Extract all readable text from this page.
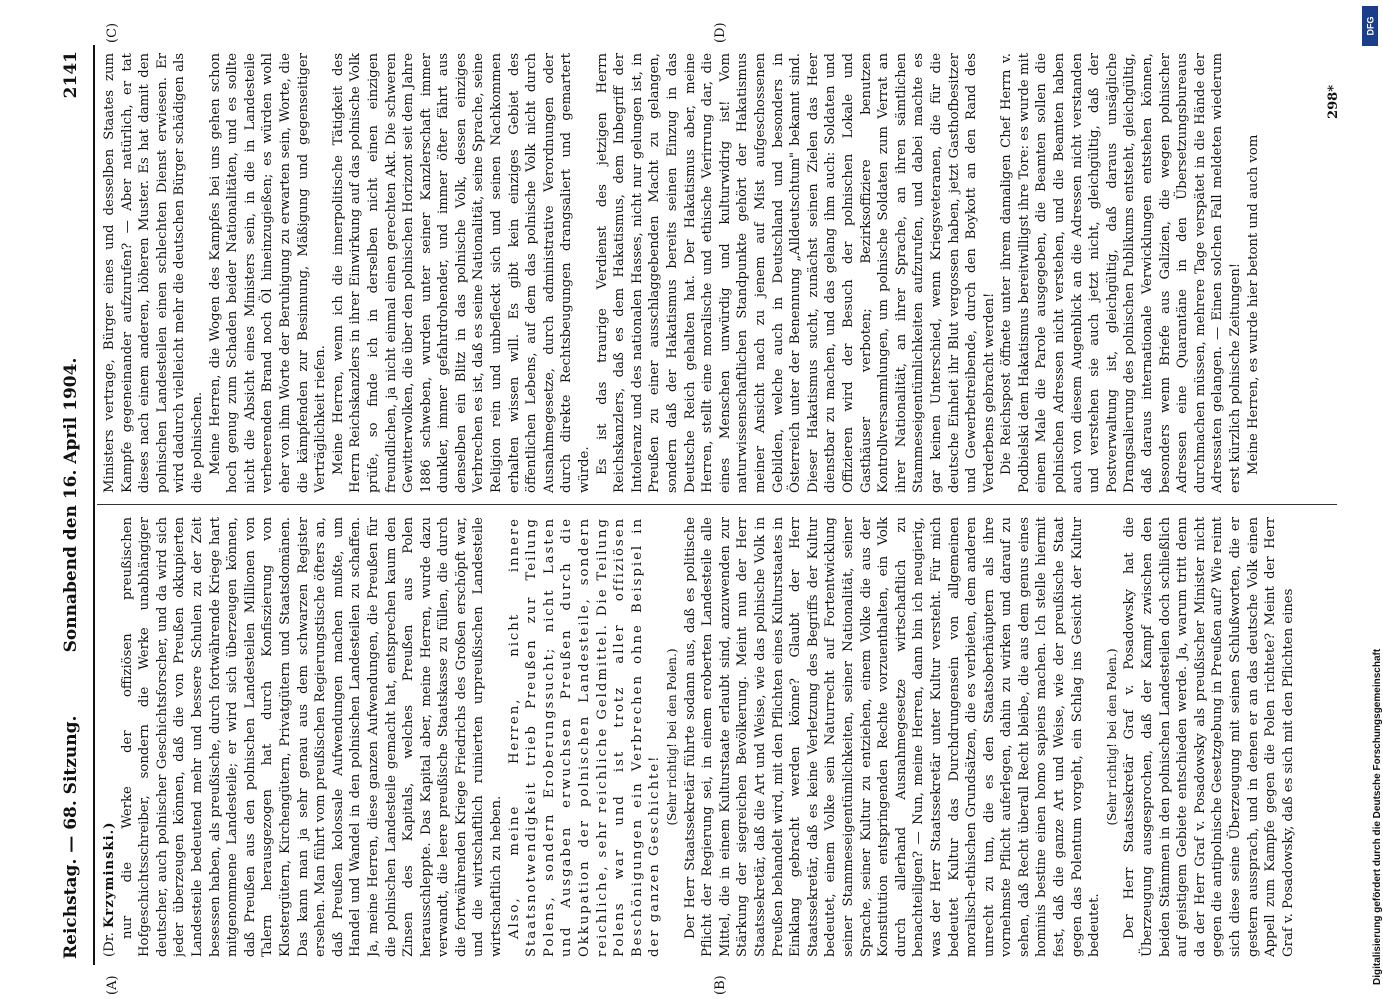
Reichstag. — 68. Sitzung.
Sonnabend den 16. April 1904.
2141
(A)	(B)
(C)	(D)

(Dr. Krzyminski.) nur die Werke der offiziösen preußischen Hofgeschichtsschreiber, sondern die Werke unabhängiger deutscher, auch polnischer Geschichtsforscher, und da wird sich jeder überzeugen können, daß die von Preußen okkupierten Landesteile bedeutend mehr und bessere Schulen zu der Zeit besessen haben, als preußische, durch fortwährende Kriege hart mitgenommene Landesteile; er wird sich überzeugen können, daß Preußen aus den polnischen Landesteilen Millionen von Talern herausgezogen hat durch Konfiszierung von Klostergütern, Kirchengütern, Privatgütern und Staatsdomänen. Das kann man ja sehr genau aus dem schwarzen Register ersehen. Man führt vom preußischen Regierungstische öfters an, daß Preußen kolossale Aufwendungen machen mußte, um Handel und Wandel in den polnischen Landesteilen zu schaffen. Ja, meine Herren, diese ganzen Aufwendungen, die Preußen für die polnischen Landesteile gemacht hat, entsprechen kaum den Zinsen des Kapitals, welches Preußen aus Polen herausschleppte. Das Kapital aber, meine Herren, wurde dazu verwandt, die leere preußische Staatskasse zu füllen, die durch die fortwährenden Kriege Friedrichs des Großen erschöpft war, und die wirtschaftlich ruinierten urpreußischen Landesteile wirtschaftlich zu heben. Also, meine Herren, nicht innere Staatsnotwendigkeit trieb Preußen zur Teilung Polens, sondern Eroberungssucht; nicht Lasten und Ausgaben erwuchsen Preußen durch die Okkupation der polnischen Landesteile, sondern reichliche, sehr reichliche Geldmittel. Die Teilung Polens war und ist trotz aller offiziösen Beschönigungen ein Verbrechen ohne Beispiel in der ganzen Geschichte!

(Sehr richtig! bei den Polen.) Der Herr Staatssekretär führte sodann aus, daß es politische Pflicht der Regierung sei, in einem eroberten Landesteile alle Mittel, die in einem Kulturstaate erlaubt sind, anzuwenden zur Stärkung der siegreichen Bevölkerung. Meint nun der Herr Staatssekretär, daß die Art und Weise, wie das polnische Volk in Preußen behandelt wird, mit den Pflichten eines Kulturstaates in Einklang gebracht werden könne? Glaubt der Herr Staatssekretär, daß es keine Verletzung des Begriffs der Kultur bedeutet, einem Volke sein Naturrecht auf Fortentwicklung seiner Stammeseigentümlichkeiten, seiner Nationalität, seiner Sprache, seiner Kultur zu entziehen, einem Volke die aus der Konstitution entspringenden Rechte vorzuenthalten, ein Volk durch allerhand Ausnahmegesetze wirtschaftlich zu benachteiligen? — Nun, meine Herren, dann bin ich neugierig, was der Herr Staatssekretär unter Kultur versteht. Für mich bedeutet Kultur das Durchdrungensein von allgemeinen moralisch-ethischen Grundsätzen, die es verbieten, dem anderen unrecht zu tun, die es den Staatsoberhäuptern als ihre vornehmste Pflicht auferlegen, dahin zu wirken und darauf zu sehen, daß Recht überall Recht bleibe, die aus dem genus eines hominis bestine einen homo sapiens machen. Ich stelle hiermit fest, daß die ganze Art und Weise, wie der preußische Staat gegen das Polentum vorgeht, ein Schlag ins Gesicht der Kultur bedeutet.

(Sehr richtig! bei den Polen.) Der Herr Staatssekretär Graf v. Posadowsky hat die Überzeugung ausgesprochen, daß der Kampf zwischen den beiden Stämmen in den polnischen Landesteilen doch schließlich auf geistigem Gebiete entschieden werde. Ja, warum tritt denn da der Herr Graf v. Posadowsky als preußischer Minister nicht gegen die antipolnische Gesetzgebung in Preußen auf? Wie reimt sich diese seine Überzeugung mit seinen Schlußworten, die er gestern aussprach, und in denen er an das deutsche Volk einen Appell zum Kampfe gegen die Polen richtete? Meint der Herr Graf v. Posadowsky, daß es sich mit den Pflichten eines

Ministers vertrage, Bürger eines und desselben Staates zum Kampfe gegeneinander aufzurufen? — Aber natürlich, er tat dieses nach einem anderen, höheren Muster. Es hat damit den polnischen Landesteilen einen schlechten Dienst erwiesen. Er wird dadurch vielleicht mehr die deutschen Bürger schädigen als die polnischen. Meine Herren, die Wogen des Kampfes bei uns gehen schon hoch genug zum Schaden beider Nationalitäten, und es sollte nicht die Absicht eines Ministers sein, in die in Landesteile verheerenden Brand noch Öl hineinzugießen; es würden wohl eher von ihm Worte der Beruhigung zu erwarten sein, Worte, die die kämpfenden zur Besinnung, Mäßigung und gegenseitiger Verträglichkeit riefen. Meine Herren, wenn ich die innerpolitische Tätigkeit des Herrn Reichskanzlers in ihrer Einwirkung auf das polnische Volk prüfe, so finde ich in derselben nicht einen einzigen freundlichen, ja nicht einmal einen gerechten Akt. Die schweren Gewitterwolken, die über den polnischen Horizont seit dem Jahre 1886 schweben, wurden unter seiner Kanzlerschaft immer dunkler, immer gefahrdrohender, und immer öfter fährt aus denselben ein Blitz in das polnische Volk, dessen einziges Verbrechen es ist, daß es seine Nationalität, seine Sprache, seine Religion rein und unbefleckt sich und seinen Nachkommen erhalten wissen will. Es gibt kein einziges Gebiet des öffentlichen Lebens, auf dem das polnische Volk nicht durch Ausnahmegesetze, durch administrative Verordnungen oder durch direkte Rechtsbeugungen drangsaliert und gemartert würde. Es ist das traurige Verdienst des jetzigen Herrn Reichskanzlers, daß es dem Hakatismus, dem Inbegriff der Intoleranz und des nationalen Hasses, nicht nur gelungen ist, in Preußen zu einer ausschlaggebenden Macht zu gelangen, sondern daß der Hakatismus bereits seinen Einzug in das Deutsche Reich gehalten hat. Der Hakatismus aber, meine Herren, stellt eine moralische und ethische Verirrung dar, die eines Menschen unwürdig und kulturwidrig ist! Vom naturwissenschaftlichen Standpunkte gehört der Hakatismus meiner Ansicht nach zu jenem auf Mist aufgeschossenen Gebilden, welche auch in Deutschland und besonders in Österreich unter der Benennung „Alldeutschtum" bekannt sind. Dieser Hakatismus sucht, zunächst seinen Zielen das Heer dienstbar zu machen, und das gelang ihm auch: Soldaten und Offizieren wird der Besuch der polnischen Lokale und Gasthäuser verboten; Bezirksoffiziere benutzen Kontrollversammlungen, um polnische Soldaten zum Verrat an ihrer Nationalität, an ihrer Sprache, an ihren sämtlichen Stammeseigentümlichkeiten aufzurufen, und dabei machte es gar keinen Unterschied, wenn Kriegsveteranen, die für die deutsche Einheit ihr Blut vergossen haben, jetzt Gasthofbesitzer und Gewerbetreibende, durch den Boykott an den Rand des Verderbens gebracht werden! Die Reichspost öffnete unter ihrem damaligen Chef Herrn v. Podbielski dem Hakatismus bereitwilligst ihre Tore: es wurde mit einem Male die Parole ausgegeben, die Beamten sollen die polnischen Adressen nicht verstehen, und die Beamten haben auch von diesem Augenblick an die Adressen nicht verstanden und verstehen sie auch jetzt nicht, gleichgültig, daß der Postverwaltung ist, gleichgültig, daß daraus unsägliche Drangsalierung des polnischen Publikums entsteht, gleichgültig, daß daraus internationale Verwicklungen entstehen können, besonders wenn Briefe aus Galizien, die wegen polnischer Adressen eine Quarantäne in den Übersetzungsbureaus durchmachen müssen, mehrere Tage verspätet in die Hände der Adressaten gelangen. — Einen solchen Fall meldeten wiederum erst kürzlich polnische Zeitungen! Meine Herren, es wurde hier betont und auch vom

298*
DFG
Digitalisierung gefördert durch die Deutsche Forschungsgemeinschaft
